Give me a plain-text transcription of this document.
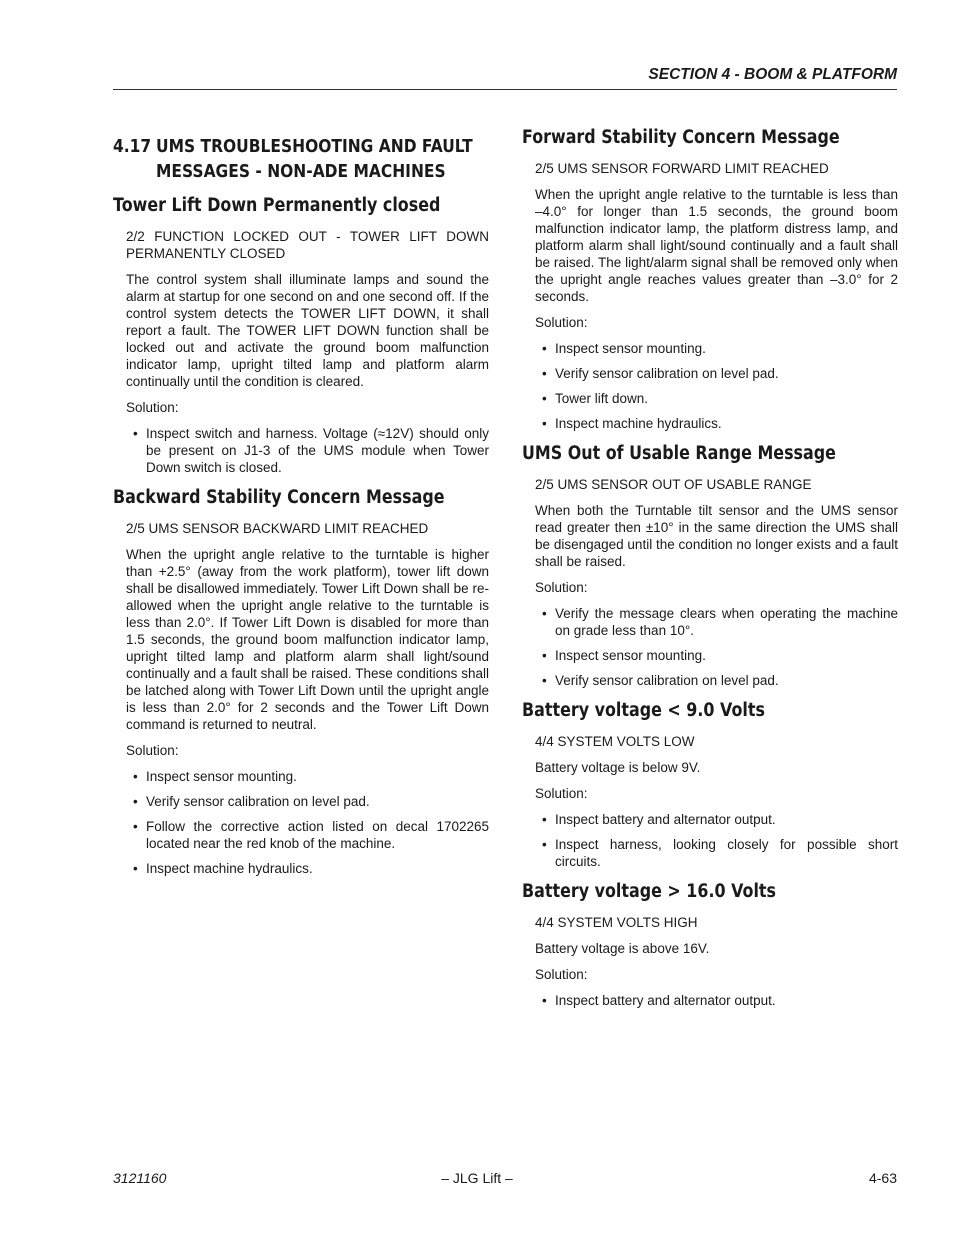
SECTION 4 - BOOM & PLATFORM
4.17 UMS TROUBLESHOOTING AND FAULT MESSAGES - NON-ADE MACHINES
Tower Lift Down Permanently closed

2/2 FUNCTION LOCKED OUT - TOWER LIFT DOWN PERMANENTLY CLOSED

The control system shall illuminate lamps and sound the alarm at startup for one second on and one second off. If the control system detects the TOWER LIFT DOWN, it shall report a fault. The TOWER LIFT DOWN function shall be locked out and activate the ground boom malfunction indicator lamp, upright tilted lamp and platform alarm continually until the condition is cleared.

Solution:

• Inspect switch and harness. Voltage (≈12V) should only be present on J1-3 of the UMS module when Tower Down switch is closed.
Backward Stability Concern Message

2/5 UMS SENSOR BACKWARD LIMIT REACHED

When the upright angle relative to the turntable is higher than +2.5° (away from the work platform), tower lift down shall be disallowed immediately. Tower Lift Down shall be re-allowed when the upright angle relative to the turntable is less than 2.0°. If Tower Lift Down is disabled for more than 1.5 seconds, the ground boom malfunction indicator lamp, upright tilted lamp and platform alarm shall light/sound continually and a fault shall be raised. These conditions shall be latched along with Tower Lift Down until the upright angle is less than 2.0° for 2 seconds and the Tower Lift Down command is returned to neutral.

Solution:

• Inspect sensor mounting.
• Verify sensor calibration on level pad.
• Follow the corrective action listed on decal 1702265 located near the red knob of the machine.
• Inspect machine hydraulics.
Forward Stability Concern Message

2/5 UMS SENSOR FORWARD LIMIT REACHED

When the upright angle relative to the turntable is less than –4.0° for longer than 1.5 seconds, the ground boom malfunction indicator lamp, the platform distress lamp, and platform alarm shall light/sound continually and a fault shall be raised. The light/alarm signal shall be removed only when the upright angle reaches values greater than –3.0° for 2 seconds.

Solution:

• Inspect sensor mounting.
• Verify sensor calibration on level pad.
• Tower lift down.
• Inspect machine hydraulics.
UMS Out of Usable Range Message

2/5 UMS SENSOR OUT OF USABLE RANGE

When both the Turntable tilt sensor and the UMS sensor read greater then ±10° in the same direction the UMS shall be disengaged until the condition no longer exists and a fault shall be raised.

Solution:

• Verify the message clears when operating the machine on grade less than 10°.
• Inspect sensor mounting.
• Verify sensor calibration on level pad.
Battery voltage < 9.0 Volts

4/4 SYSTEM VOLTS LOW

Battery voltage is below 9V.

Solution:

• Inspect battery and alternator output.
• Inspect harness, looking closely for possible short circuits.
Battery voltage > 16.0 Volts

4/4 SYSTEM VOLTS HIGH

Battery voltage is above 16V.

Solution:

• Inspect battery and alternator output.
3121160	– JLG Lift –	4-63
